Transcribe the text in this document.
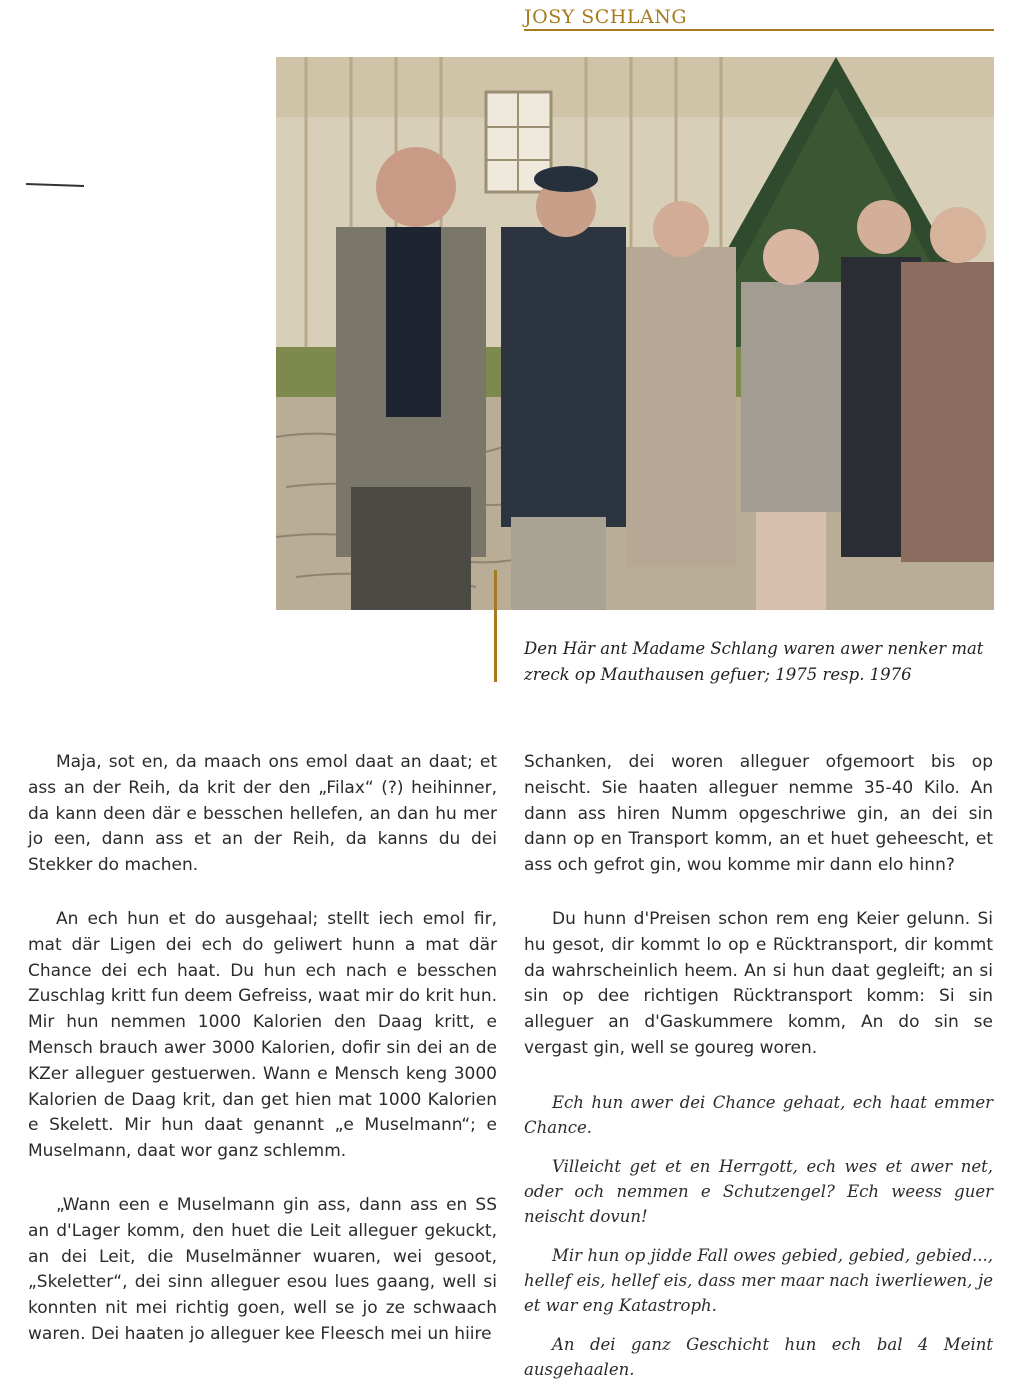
JOSY SCHLANG
Den Här ant Madame Schlang waren awer nenker mat zreck op Mauthausen gefuer; 1975 resp. 1976

Maja, sot en, da maach ons emol daat an daat; et ass an der Reih, da krit der den „Filax“ (?) heihinner, da kann deen där e besschen hellefen, an dan hu mer jo een, dann ass et an der Reih, da kanns du dei Stekker do machen.

An ech hun et do ausgehaal; stellt iech emol fir, mat där Ligen dei ech do geliwert hunn a mat där Chance dei ech haat. Du hun ech nach e besschen Zuschlag kritt fun deem Gefreiss, waat mir do krit hun. Mir hun nemmen 1000 Kalorien den Daag kritt, e Mensch brauch awer 3000 Kalorien, dofir sin dei an de KZer alleguer gestuerwen. Wann e Mensch keng 3000 Kalorien de Daag krit, dan get hien mat 1000 Kalorien e Skelett. Mir hun daat genannt „e Muselmann“; e Muselmann, daat wor ganz schlemm.

„Wann een e Muselmann gin ass, dann ass en SS an d'Lager komm, den huet die Leit alleguer gekuckt, an dei Leit, die Muselmänner wuaren, wei gesoot, „Skeletter“, dei sinn alleguer esou lues gaang, well si konnten nit mei richtig goen, well se jo ze schwaach waren. Dei haaten jo alleguer kee Fleesch mei un hiire

Schanken, dei woren alleguer ofgemoort bis op neischt. Sie haaten alleguer nemme 35-40 Kilo. An dann ass hiren Numm opgeschriwe gin, an dei sin dann op en Transport komm, an et huet geheescht, et ass och gefrot gin, wou komme mir dann elo hinn?

Du hunn d'Preisen schon rem eng Keier gelunn. Si hu gesot, dir kommt lo op e Rücktransport, dir kommt da wahrscheinlich heem. An si hun daat gegleift; an si sin op dee richtigen Rücktransport komm: Si sin alleguer an d'Gaskummere komm, An do sin se vergast gin, well se goureg woren.

Ech hun awer dei Chance gehaat, ech haat emmer Chance.

Villeicht get et en Herrgott, ech wes et awer net, oder och nemmen e Schutzengel? Ech weess guer neischt dovun!

Mir hun op jidde Fall owes gebied, gebied, gebied..., hellef eis, hellef eis, dass mer maar nach iwerliewen, je et war eng Katastroph.

An dei ganz Geschicht hun ech bal 4 Meint ausgehaalen.
